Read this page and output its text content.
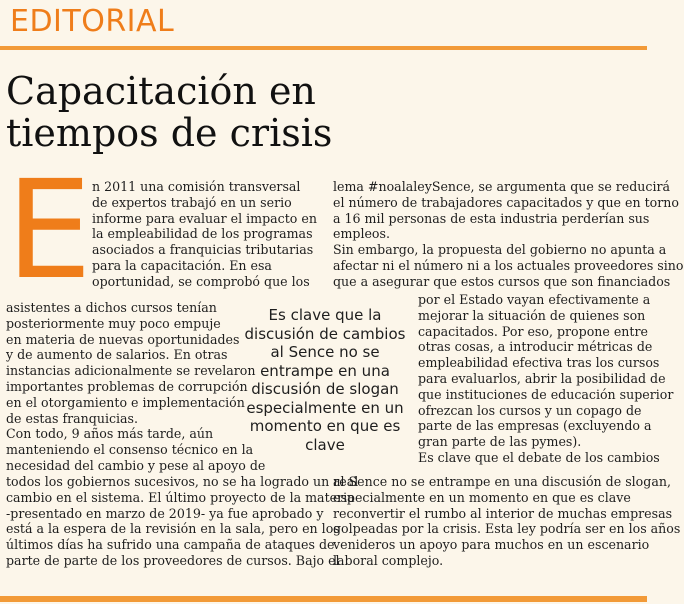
EDITORIAL
Capacitación en
tiempos de crisis
E n 2011 una comisión transversal
de expertos trabajó en un serio
informe para evaluar el impacto en
la empleabilidad de los programas
asociados a franquicias tributarias
para la capacitación. En esa
oportunidad, se comprobó que los
asistentes a dichos cursos tenían
posteriormente muy poco empuje
en materia de nuevas oportunidades
y de aumento de salarios. En otras
instancias adicionalmente se revelaron
importantes problemas de corrupción
en el otorgamiento e implementación
de estas franquicias.
Con todo, 9 años más tarde, aún
manteniendo el consenso técnico en la
necesidad del cambio y pese al apoyo de
todos los gobiernos sucesivos, no se ha logrado un real
cambio en el sistema. El último proyecto de la materia
-presentado en marzo de 2019- ya fue aprobado y
está a la espera de la revisión en la sala, pero en los
últimos días ha sufrido una campaña de ataques de
parte de parte de los proveedores de cursos. Bajo el
lema #noalaleySence, se argumenta que se reducirá
el número de trabajadores capacitados y que en torno
a 16 mil personas de esta industria perderían sus
empleos.
Sin embargo, la propuesta del gobierno no apunta a
afectar ni el número ni a los actuales proveedores sino
que a asegurar que estos cursos que son financiados
por el Estado vayan efectivamente a
mejorar la situación de quienes son
capacitados. Por eso, propone entre
otras cosas, a introducir métricas de
empleabilidad efectiva tras los cursos
para evaluarlos, abrir la posibilidad de
que instituciones de educación superior
ofrezcan los cursos y un copago de
parte de las empresas (excluyendo a
gran parte de las pymes).
Es clave que el debate de los cambios
al Sence no se entrampe en una discusión de slogan,
especialmente en un momento en que es clave
reconvertir el rumbo al interior de muchas empresas
golpeadas por la crisis. Esta ley podría ser en los años
venideros un apoyo para muchos en un escenario
laboral complejo.
Es clave que la discusión de cambios al Sence no se entrampe en una discusión de slogan especialmente en un momento en que es clave
